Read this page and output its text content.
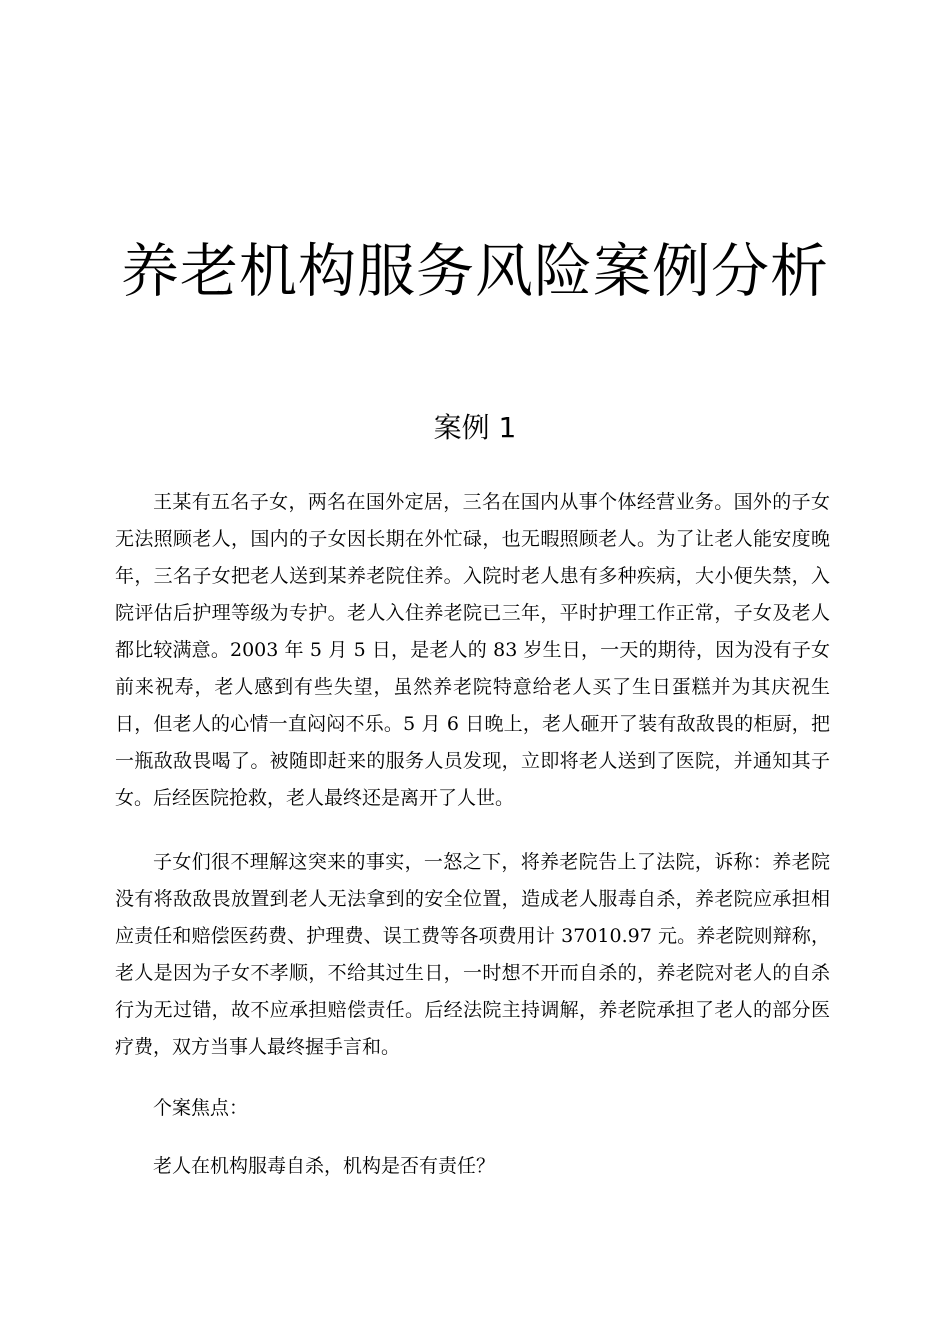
养老机构服务风险案例分析
案例 1

王某有五名子女，两名在国外定居，三名在国内从事个体经营业务。国外的子女无法照顾老人，国内的子女因长期在外忙碌，也无暇照顾老人。为了让老人能安度晚年，三名子女把老人送到某养老院住养。入院时老人患有多种疾病，大小便失禁，入院评估后护理等级为专护。老人入住养老院已三年，平时护理工作正常，子女及老人都比较满意。2003 年 5 月 5 日，是老人的 83 岁生日，一天的期待，因为没有子女前来祝寿，老人感到有些失望，虽然养老院特意给老人买了生日蛋糕并为其庆祝生日，但老人的心情一直闷闷不乐。5 月 6 日晚上，老人砸开了装有敌敌畏的柜厨，把一瓶敌敌畏喝了。被随即赶来的服务人员发现，立即将老人送到了医院，并通知其子女。后经医院抢救，老人最终还是离开了人世。

子女们很不理解这突来的事实，一怒之下，将养老院告上了法院，诉称：养老院没有将敌敌畏放置到老人无法拿到的安全位置，造成老人服毒自杀，养老院应承担相应责任和赔偿医药费、护理费、误工费等各项费用计 37010.97 元。养老院则辩称，老人是因为子女不孝顺，不给其过生日，一时想不开而自杀的，养老院对老人的自杀行为无过错，故不应承担赔偿责任。后经法院主持调解，养老院承担了老人的部分医疗费，双方当事人最终握手言和。

个案焦点：

老人在机构服毒自杀，机构是否有责任？
